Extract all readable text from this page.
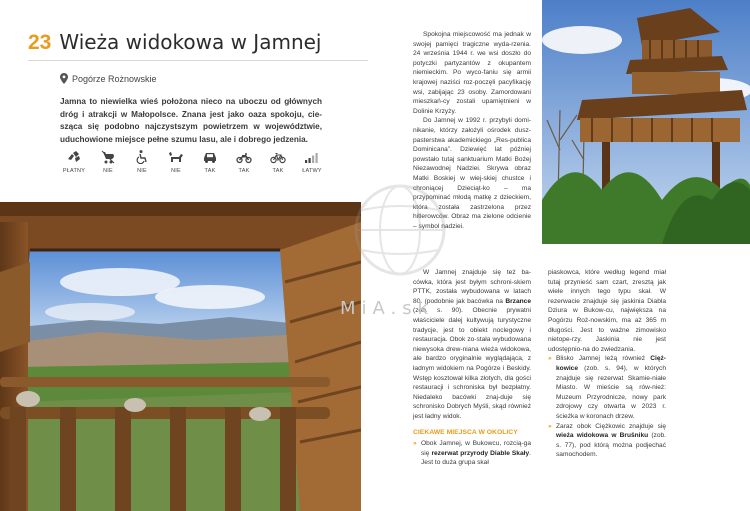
23 Wieża widokowa w Jamnej
Pogórze Rożnowskie
Jamna to niewielka wieś położona nieco na uboczu od głównych dróg i atrakcji w Małopolsce. Znana jest jako oaza spokoju, cie-sząca się podobno najczystszym powietrzem w województwie, uduchowione miejsce pełne szumu lasu, ale i dobrego jedzenia.
PŁATNY	NIE	NIE	NIE	TAK	TAK	TAK	ŁATWY

Spokojna miejscowość ma jednak w swojej pamięci tragiczne wyda-rzenia. 24 września 1944 r. we wsi doszło do potyczki partyzantów z okupantem niemieckim. Po wyco-faniu się armii krajowej naziści roz-poczęli pacyfikację wsi, zabijając 23 osoby. Zamordowani mieszkań-cy zostali upamiętnieni w Dolinie Krzyży.

Do Jamnej w 1992 r. przybyli domi-nikanie, którzy założyli ośrodek dusz-pasterstwa akademickiego „Res-publica Dominicana”. Dziewięć lat później powstało tutaj sanktuarium Matki Bożej Niezawodnej Nadziei. Skrywa obraz Matki Boskiej w wiej-skiej chustce i chroniącej Dzieciąt-ko – ma przypominać młodą matkę z dzieckiem, która została zastrzelona przez hitlerowców. Obraz ma zielone odcienie – symbol nadziei.

W Jamnej znajduje się też ba-cówka, która jest byłym schroni-skiem PTTK, została wybudowana w latach 80. (podobnie jak bacówka na Brzance (zob. s. 90). Obecnie prywatni właściciele dalej kultywują turystyczne tradycje, jest to obiekt noclegowy i restauracja. Obok zo-stała wybudowana niewysoka drew-niana wieża widokowa, ale bardzo oryginalnie wyglądająca, z ładnym widokiem na Pogórze i Beskidy. Wstęp kosztował kilka złotych, dla gości restauracji i schroniska był bezpłatny. Niedaleko bacówki znaj-duje się schronisko Dobrych Myśli, skąd również jest ładny widok.

CIEKAWE MIEJSCA W OKOLICY

» Obok Jamnej, w Bukowcu, rozcią-ga się rezerwat przyrody Diable Skały. Jest to duża grupa skał

piaskowca, które według legend miał tutaj przynieść sam czart, zresztą jak wiele innych tego typu skał. W rezerwacie znajduje się jaskinia Diabla Dziura w Bukow-cu, największa na Pogórzu Roż-nowskim, ma aż 365 m długości. Jest to ważne zimowisko nietope-rzy. Jaskinia nie jest udostępnio-na do zwiedzania.

» Blisko Jamnej leżą również Cięż-kowice (zob. s. 94), w których znajduje się rezerwat Skamie-niałe Miasto. W mieście są rów-nież: Muzeum Przyrodnicze, nowy park zdrojowy czy otwarta w 2023 r. ścieżka w koronach drzew.

» Zaraz obok Ciężkowic znajduje się wieża widokowa w Brušniku (zob. s. 77), pod którą można podjechać samochodem.

MiA.sk
